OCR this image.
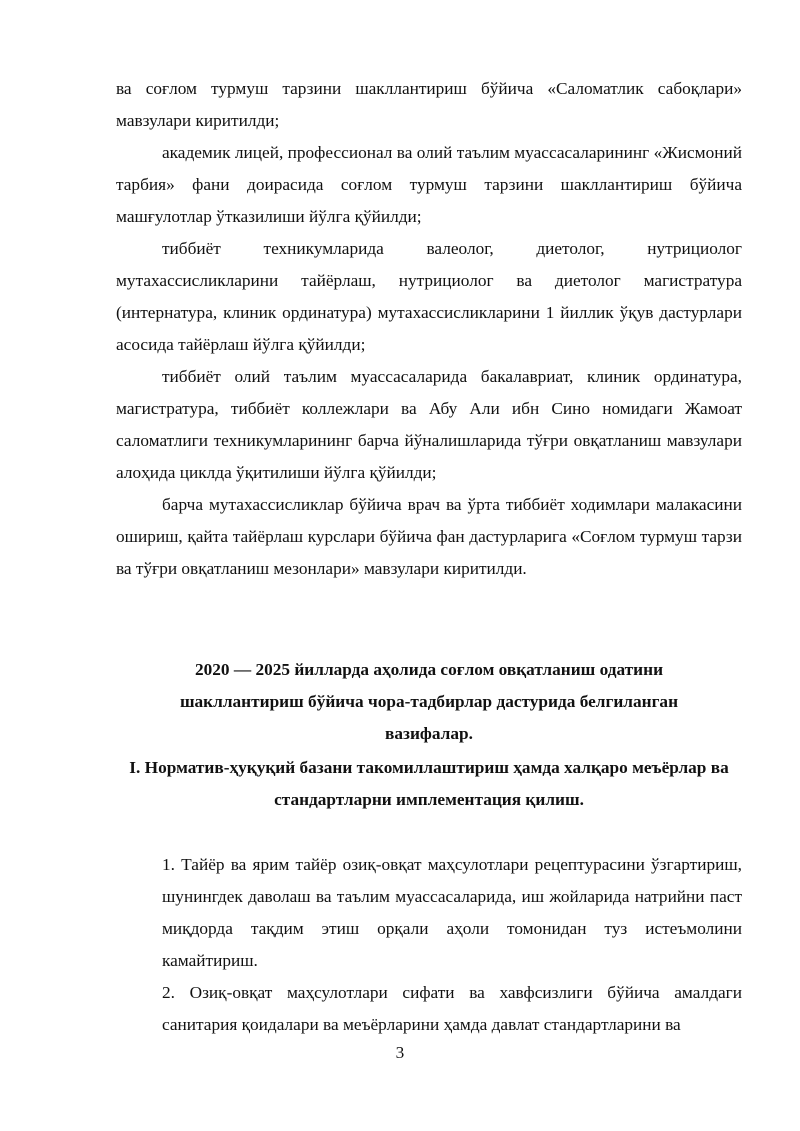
ва соғлом турмуш тарзини шакллантириш бўйича «Саломатлик сабоқлари» мавзулари киритилди;

академик лицей, профессионал ва олий таълим муассасаларининг «Жисмоний тарбия» фани доирасида соғлом турмуш тарзини шакллантириш бўйича машғулотлар ўтказилиши йўлга қўйилди;

тиббиёт техникумларида валеолог, диетолог, нутрициолог мутахассисликларини тайёрлаш, нутрициолог ва диетолог магистратура (интернатура, клиник ординатура) мутахассисликларини 1 йиллик ўқув дастурлари асосида тайёрлаш йўлга қўйилди;

тиббиёт олий таълим муассасаларида бакалавриат, клиник ординатура, магистратура, тиббиёт коллежлари ва Абу Али ибн Сино номидаги Жамоат саломатлиги техникумларининг барча йўналишларида тўғри овқатланиш мавзулари алоҳида циклда ўқитилиши йўлга қўйилди;

барча мутахассисликлар бўйича врач ва ўрта тиббиёт ходимлари малакасини ошириш, қайта тайёрлаш курслари бўйича фан дастурларига «Соғлом турмуш тарзи ва тўғри овқатланиш мезонлари» мавзулари киритилди.

2020 — 2025 йилларда аҳолида соғлом овқатланиш одатини шакллантириш бўйича чора-тадбирлар дастурида белгиланган вазифалар.

I. Норматив-ҳуқуқий базани такомиллаштириш ҳамда халқаро меъёрлар ва стандартларни имплементация қилиш.

1. Тайёр ва ярим тайёр озиқ-овқат маҳсулотлари рецептурасини ўзгартириш, шунингдек даволаш ва таълим муассасаларида, иш жойларида натрийни паст миқдорда тақдим этиш орқали аҳоли томонидан туз истеъмолини камайтириш.

2. Озиқ-овқат маҳсулотлари сифати ва хавфсизлиги бўйича амалдаги санитария қоидалари ва меъёрларини ҳамда давлат стандартларини ва

3
